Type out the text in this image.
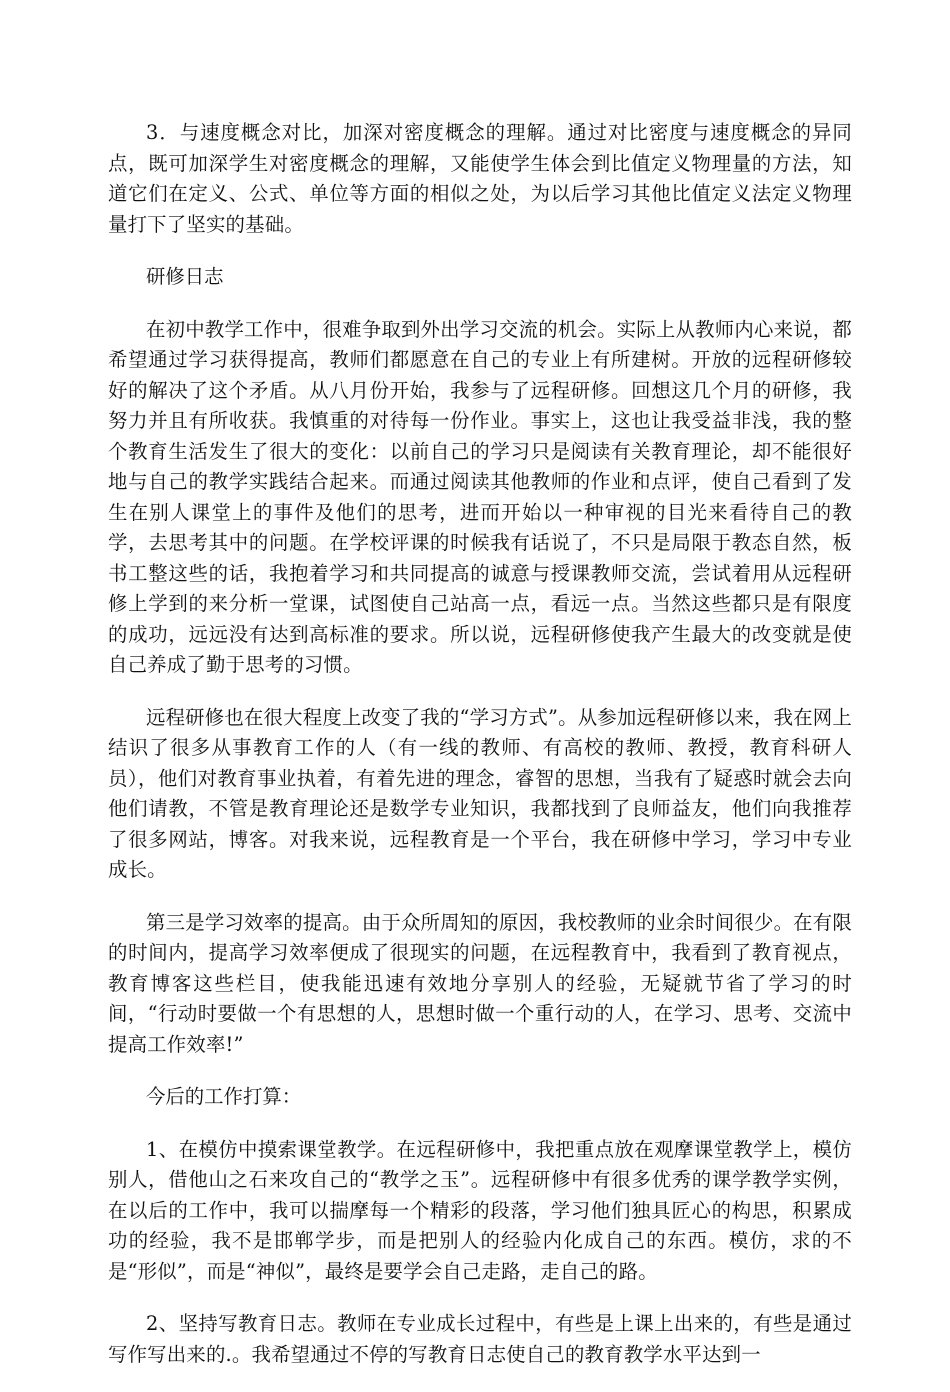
3．与速度概念对比，加深对密度概念的理解。通过对比密度与速度概念的异同点，既可加深学生对密度概念的理解，又能使学生体会到比值定义物理量的方法，知道它们在定义、公式、单位等方面的相似之处，为以后学习其他比值定义法定义物理量打下了坚实的基础。

研修日志

在初中教学工作中，很难争取到外出学习交流的机会。实际上从教师内心来说，都希望通过学习获得提高，教师们都愿意在自己的专业上有所建树。开放的远程研修较好的解决了这个矛盾。从八月份开始，我参与了远程研修。回想这几个月的研修，我努力并且有所收获。我慎重的对待每一份作业。事实上，这也让我受益非浅，我的整个教育生活发生了很大的变化：以前自己的学习只是阅读有关教育理论，却不能很好地与自己的教学实践结合起来。而通过阅读其他教师的作业和点评，使自己看到了发生在别人课堂上的事件及他们的思考，进而开始以一种审视的目光来看待自己的教学，去思考其中的问题。在学校评课的时候我有话说了，不只是局限于教态自然，板书工整这些的话，我抱着学习和共同提高的诚意与授课教师交流，尝试着用从远程研修上学到的来分析一堂课，试图使自己站高一点，看远一点。当然这些都只是有限度的成功，远远没有达到高标准的要求。所以说，远程研修使我产生最大的改变就是使自己养成了勤于思考的习惯。

远程研修也在很大程度上改变了我的“学习方式”。从参加远程研修以来，我在网上结识了很多从事教育工作的人（有一线的教师、有高校的教师、教授，教育科研人员），他们对教育事业执着，有着先进的理念，睿智的思想，当我有了疑惑时就会去向他们请教，不管是教育理论还是数学专业知识，我都找到了良师益友，他们向我推荐了很多网站，博客。对我来说，远程教育是一个平台，我在研修中学习，学习中专业成长。

第三是学习效率的提高。由于众所周知的原因，我校教师的业余时间很少。在有限的时间内，提高学习效率便成了很现实的问题，在远程教育中，我看到了教育视点，教育博客这些栏目，使我能迅速有效地分享别人的经验，无疑就节省了学习的时间，“行动时要做一个有思想的人，思想时做一个重行动的人，在学习、思考、交流中提高工作效率!”

今后的工作打算：

1、在模仿中摸索课堂教学。在远程研修中，我把重点放在观摩课堂教学上，模仿别人，借他山之石来攻自己的“教学之玉”。远程研修中有很多优秀的课学教学实例，在以后的工作中，我可以揣摩每一个精彩的段落，学习他们独具匠心的构思，积累成功的经验，我不是邯郸学步，而是把别人的经验内化成自己的东西。模仿，求的不是“形似”，而是“神似”，最终是要学会自己走路，走自己的路。

2、坚持写教育日志。教师在专业成长过程中，有些是上课上出来的，有些是通过写作写出来的.。我希望通过不停的写教育日志使自己的教育教学水平达到一
